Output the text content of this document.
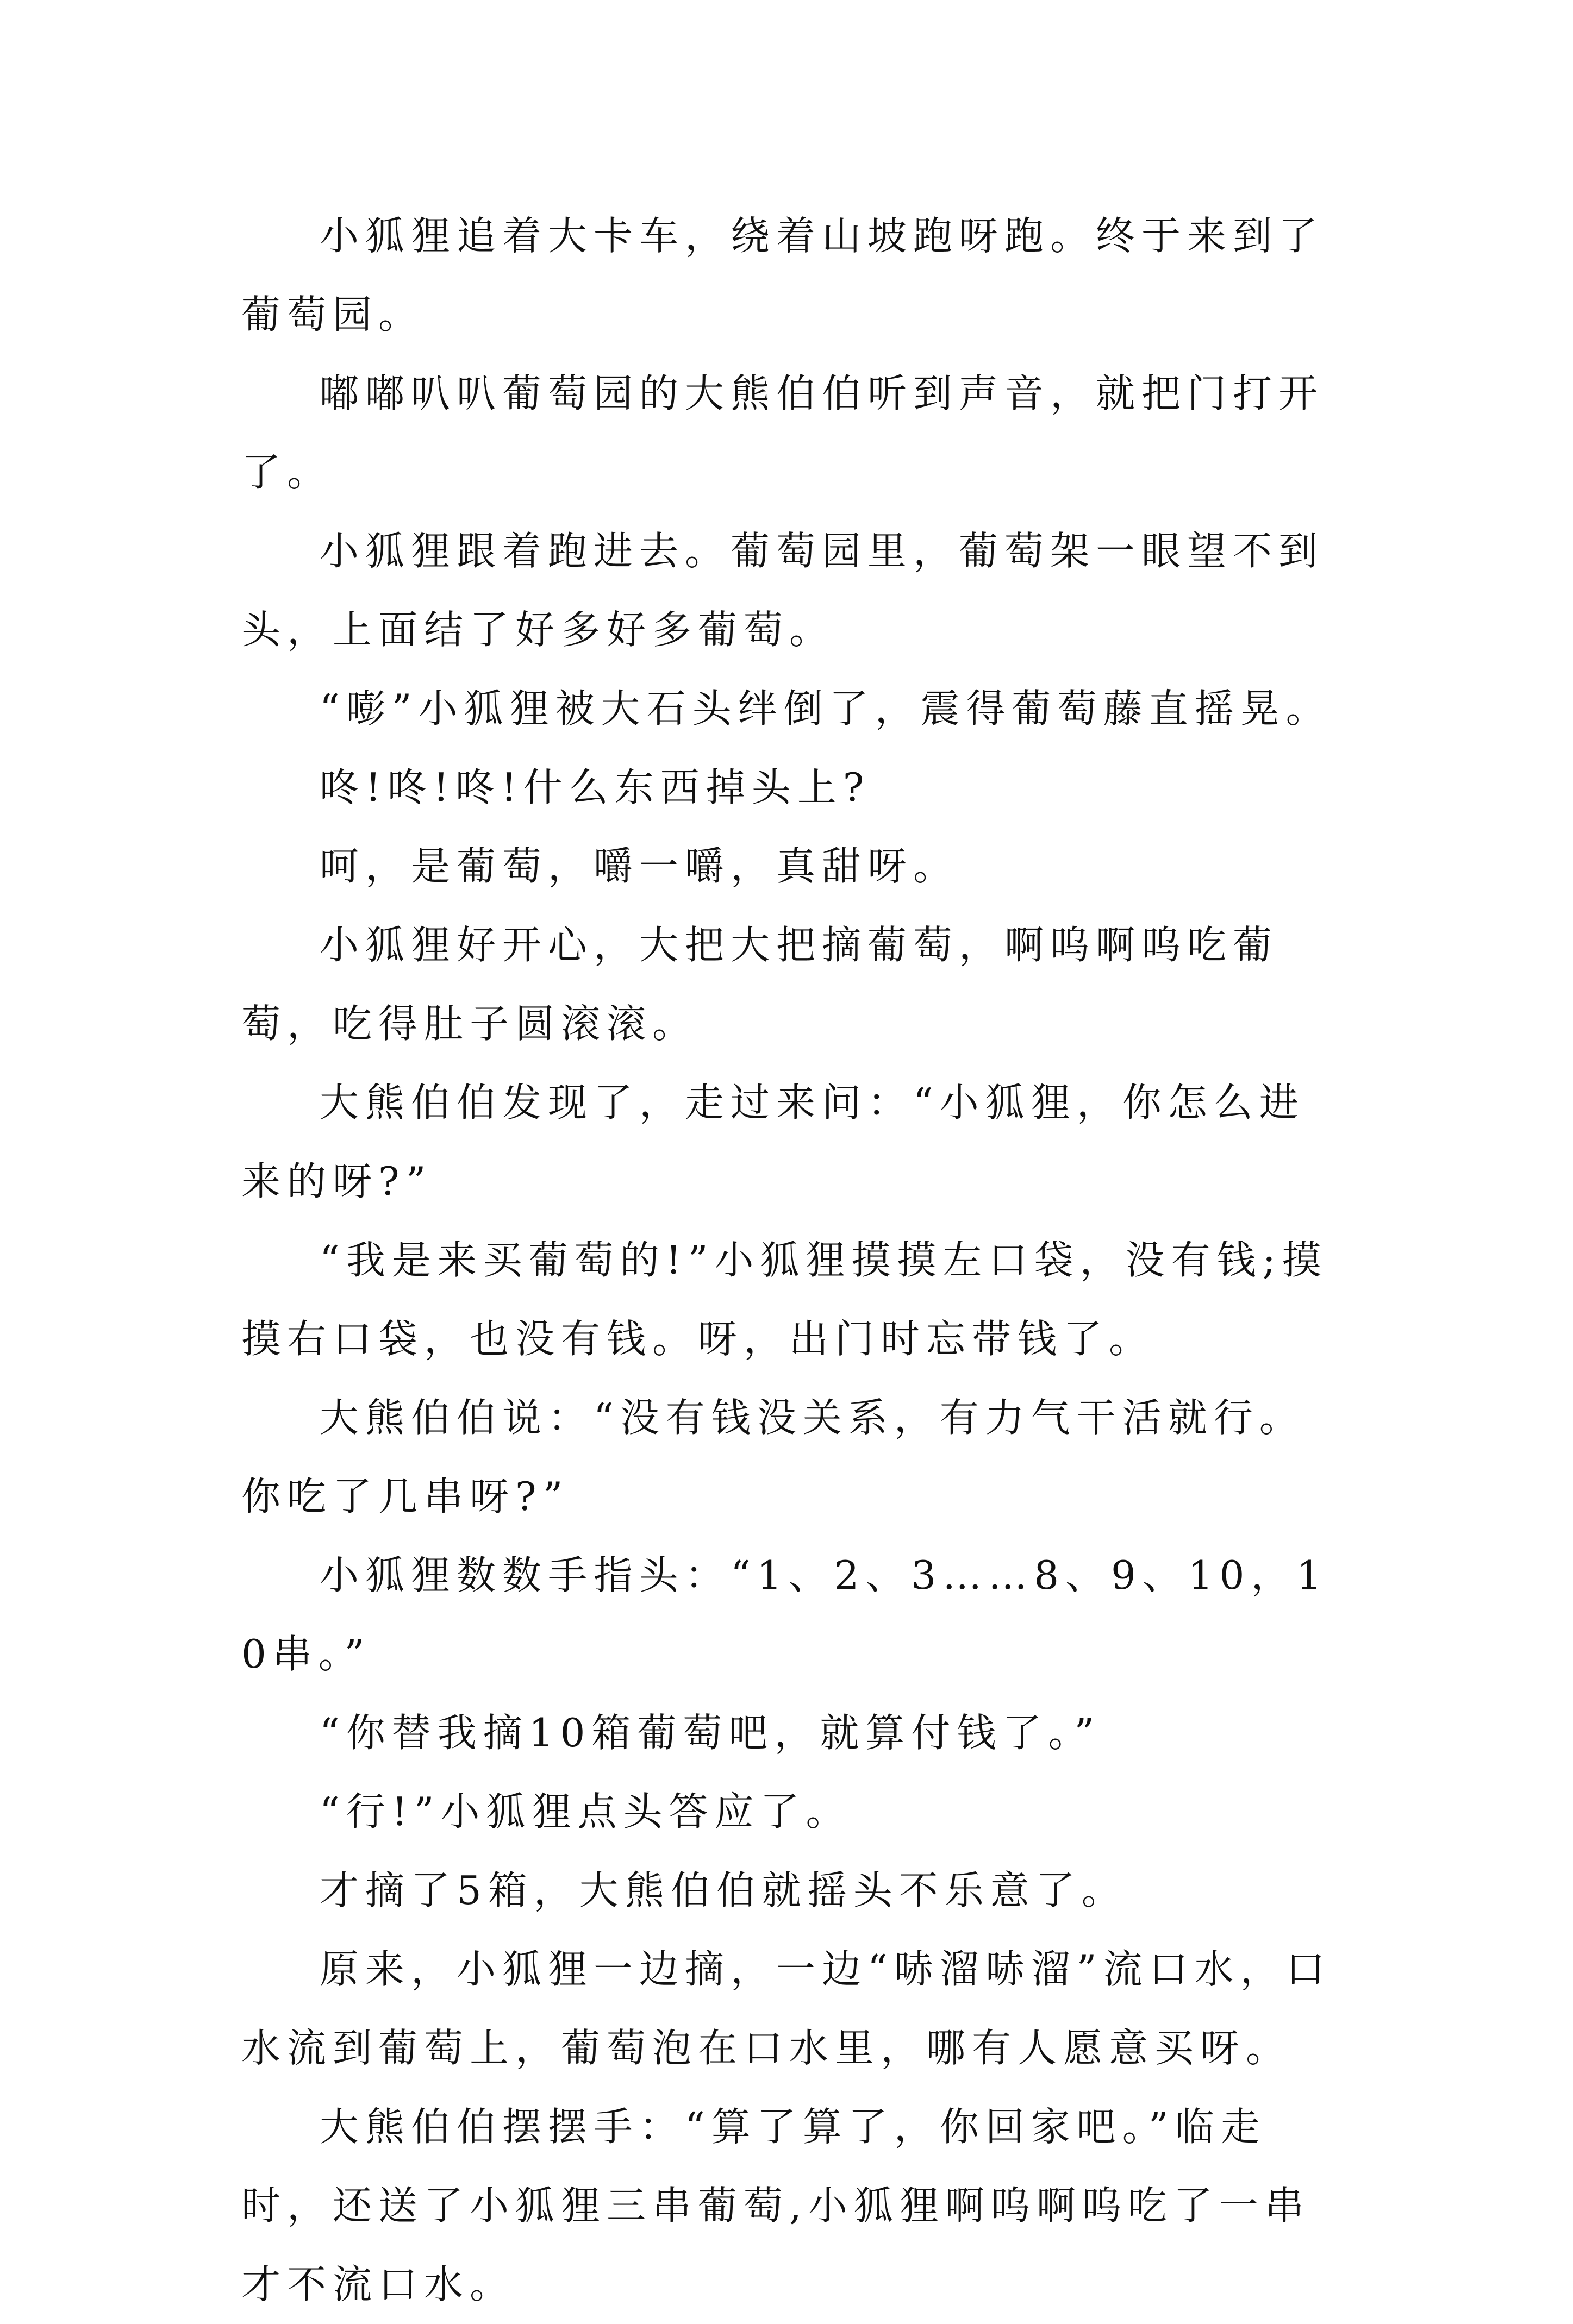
小狐狸追着大卡车，绕着山坡跑呀跑。终于来到了葡萄园。

嘟嘟叭叭葡萄园的大熊伯伯听到声音，就把门打开了。

小狐狸跟着跑进去。葡萄园里，葡萄架一眼望不到头，上面结了好多好多葡萄。

“嘭”小狐狸被大石头绊倒了，震得葡萄藤直摇晃。

咚!咚!咚!什么东西掉头上?

呵，是葡萄，嚼一嚼，真甜呀。

小狐狸好开心，大把大把摘葡萄，啊呜啊呜吃葡萄，吃得肚子圆滚滚。

大熊伯伯发现了，走过来问：“小狐狸，你怎么进来的呀?”

“我是来买葡萄的!”小狐狸摸摸左口袋，没有钱;摸摸右口袋，也没有钱。呀，出门时忘带钱了。

大熊伯伯说：“没有钱没关系，有力气干活就行。你吃了几串呀?”

小狐狸数数手指头：“1、2、3……8、9、10，10串。”

“你替我摘10箱葡萄吧，就算付钱了。”

“行!”小狐狸点头答应了。

才摘了5箱，大熊伯伯就摇头不乐意了。

原来，小狐狸一边摘，一边“哧溜哧溜”流口水，口水流到葡萄上，葡萄泡在口水里，哪有人愿意买呀。

大熊伯伯摆摆手：“算了算了，你回家吧。”临走时，还送了小狐狸三串葡萄,小狐狸啊呜啊呜吃了一串才不流口水。
